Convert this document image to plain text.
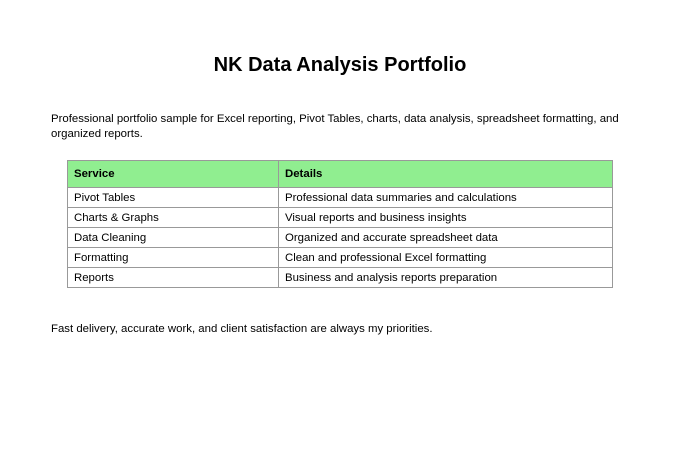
NK Data Analysis Portfolio

Professional portfolio sample for Excel reporting, Pivot Tables, charts, data analysis, spreadsheet formatting, and organized reports.

Service	Details
Pivot Tables	Professional data summaries and calculations
Charts & Graphs	Visual reports and business insights
Data Cleaning	Organized and accurate spreadsheet data
Formatting	Clean and professional Excel formatting
Reports	Business and analysis reports preparation

Fast delivery, accurate work, and client satisfaction are always my priorities.
